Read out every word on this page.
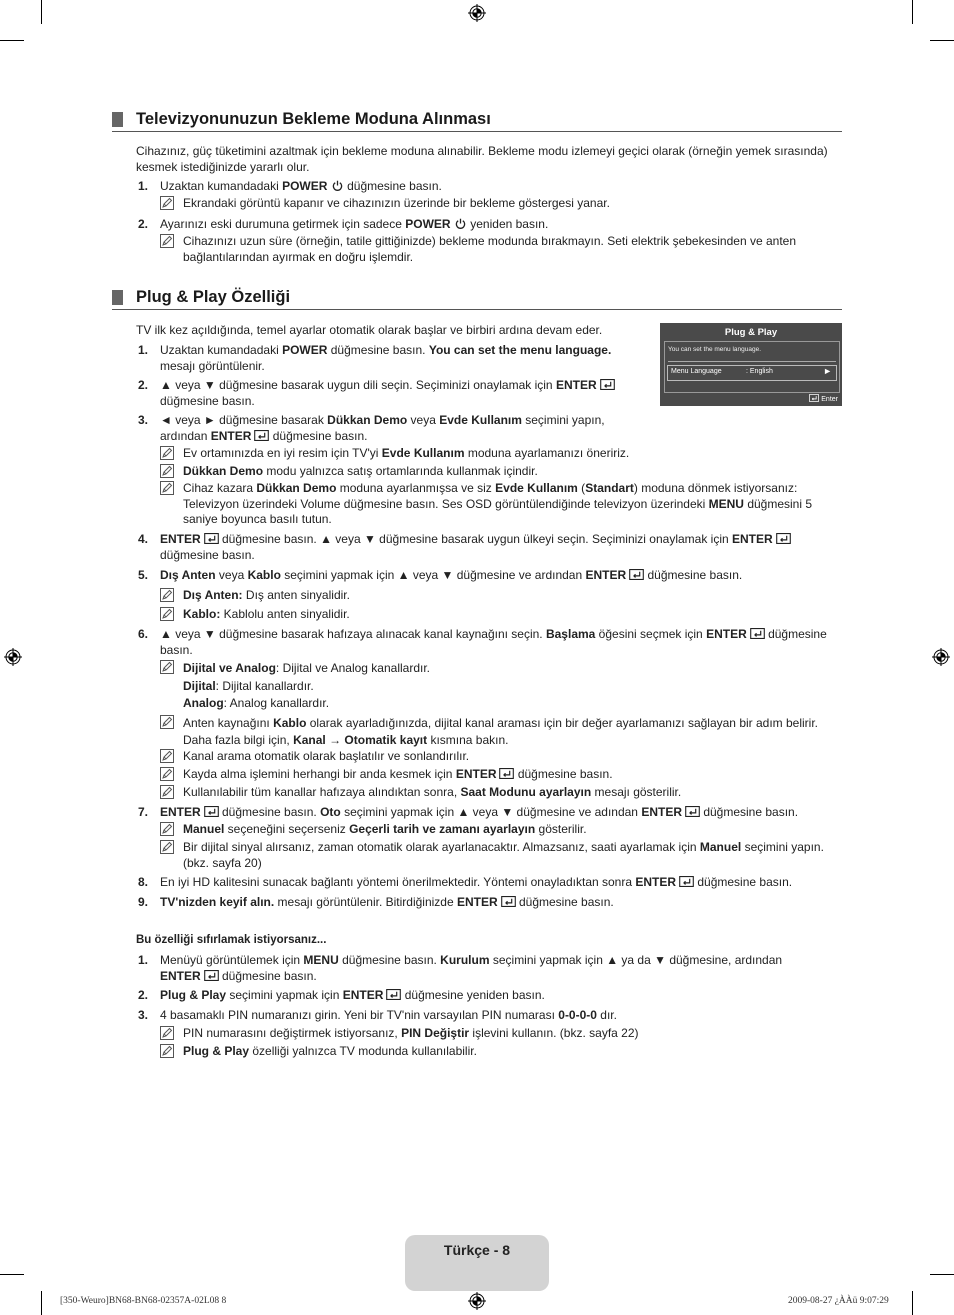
Televizyonunuzun Bekleme Moduna Alınması
Cihazınız, güç tüketimini azaltmak için bekleme moduna alınabilir. Bekleme modu izlemeyi geçici olarak (örneğin yemek sırasında) kesmek istediğinizde yararlı olur.
1. Uzaktan kumandadaki POWER  düğmesine basın.
Ekrandaki görüntü kapanır ve cihazınızın üzerinde bir bekleme göstergesi yanar.
2. Ayarınızı eski durumuna getirmek için sadece POWER  yeniden basın.
Cihazınızı uzun süre (örneğin, tatile gittiğinizde) bekleme modunda bırakmayın. Seti elektrik şebekesinden ve anten bağlantılarından ayırmak en doğru işlemdir.
Plug & Play Özelliği
TV ilk kez açıldığında, temel ayarlar otomatik olarak başlar ve birbiri ardına devam eder.	Plug & Play
You can set the menu language.
Menu Language	: English	►
Enter
1. Uzaktan kumandadaki POWER düğmesine basın. You can set the menu language. mesajı görüntülenir.
2. ▲ veya ▼ düğmesine basarak uygun dili seçin. Seçiminizi onaylamak için ENTER düğmesine basın.
3. ◄ veya ► düğmesine basarak Dükkan Demo veya Evde Kullanım seçimini yapın, ardından ENTER düğmesine basın.
Ev ortamınızda en iyi resim için TV'yi Evde Kullanım moduna ayarlamanızı öneririz.
Dükkan Demo modu yalnızca satış ortamlarında kullanmak içindir.
Cihaz kazara Dükkan Demo moduna ayarlanmışsa ve siz Evde Kullanım (Standart) moduna dönmek istiyorsanız: Televizyon üzerindeki Volume düğmesine basın. Ses OSD görüntülendiğinde televizyon üzerindeki MENU düğmesini 5 saniye boyunca basılı tutun.
4. ENTER düğmesine basın. ▲ veya ▼ düğmesine basarak uygun ülkeyi seçin. Seçiminizi onaylamak için ENTER düğmesine basın.
5. Dış Anten veya Kablo seçimini yapmak için ▲ veya ▼ düğmesine ve ardından ENTER düğmesine basın.
Dış Anten: Dış anten sinyalidir.
Kablo: Kablolu anten sinyalidir.
6. ▲ veya ▼ düğmesine basarak hafızaya alınacak kanal kaynağını seçin. Başlama öğesini seçmek için ENTER düğmesine basın.
Dijital ve Analog: Dijital ve Analog kanallardır.
Dijital: Dijital kanallardır.
Analog: Analog kanallardır.
Anten kaynağını Kablo olarak ayarladığınızda, dijital kanal araması için bir değer ayarlamanızı sağlayan bir adım belirir. Daha fazla bilgi için, Kanal → Otomatik kayıt kısmına bakın.
Kanal arama otomatik olarak başlatılır ve sonlandırılır.
Kayda alma işlemini herhangi bir anda kesmek için ENTER düğmesine basın.
Kullanılabilir tüm kanallar hafızaya alındıktan sonra, Saat Modunu ayarlayın mesajı gösterilir.
7. ENTER düğmesine basın. Oto seçimini yapmak için ▲ veya ▼ düğmesine ve adından ENTER düğmesine basın.
Manuel seçeneğini seçerseniz Geçerli tarih ve zamanı ayarlayın gösterilir.
Bir dijital sinyal alırsanız, zaman otomatik olarak ayarlanacaktır. Almazsanız, saati ayarlamak için Manuel seçimini yapın. (bkz. sayfa 20)
8. En iyi HD kalitesini sunacak bağlantı yöntemi önerilmektedir. Yöntemi onayladıktan sonra ENTER düğmesine basın.
9. TV'nizden keyif alın. mesajı görüntülenir. Bitirdiğinizde ENTER düğmesine basın.
Bu özelliği sıfırlamak istiyorsanız...
1. Menüyü görüntülemek için MENU düğmesine basın. Kurulum seçimini yapmak için ▲ ya da ▼ düğmesine, ardından ENTER düğmesine basın.
2. Plug & Play seçimini yapmak için ENTER düğmesine yeniden basın.
3. 4 basamaklı PIN numaranızı girin. Yeni bir TV'nin varsayılan PIN numarası 0-0-0-0 dır.
PIN numarasını değiştirmek istiyorsanız, PIN Değiştir işlevini kullanın. (bkz. sayfa 22)
Plug & Play özelliği yalnızca TV modunda kullanılabilir.
Türkçe - 8
[350-Weuro]BN68-BN68-02357A-02L08 8	2009-08-27 ¿ÀÀü 9:07:29
